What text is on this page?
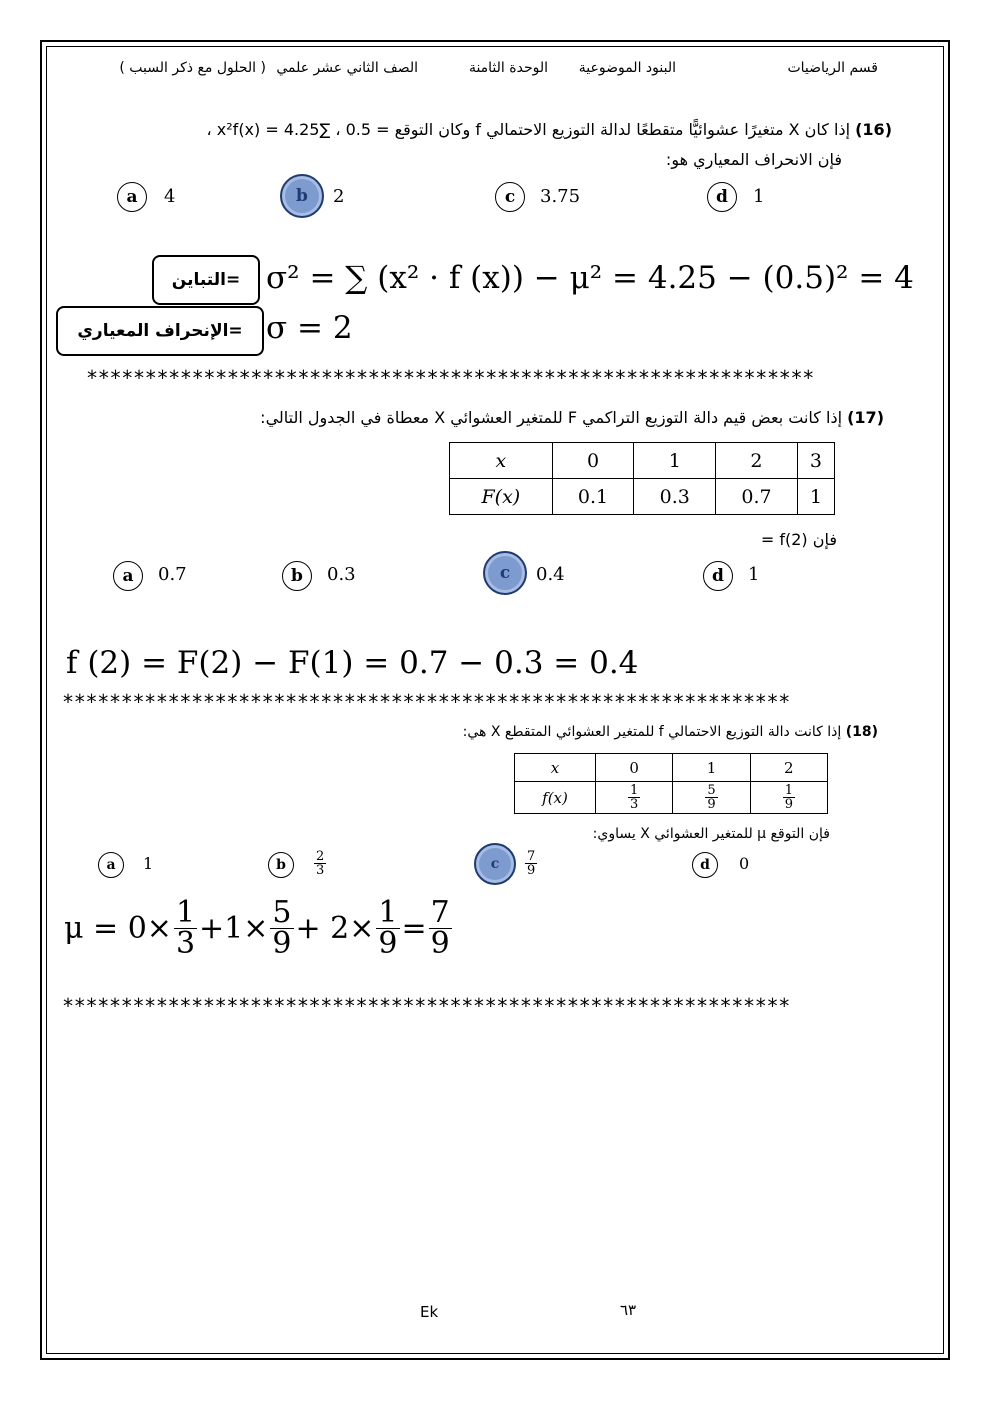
قسم الرياضيات
البنود الموضوعية
الوحدة الثامنة
الصف الثاني عشر علمي
( الحلول مع ذكر السبب )
(16) إذا كان X متغيرًا عشوائيًّا متقطعًا لدالة التوزيع الاحتمالي f وكان التوقع = 0.5 ، ∑x²f(x) = 4.25 ،
فإن الانحراف المعياري هو:
a	4	b	2	c	3.75	d	1
=التباين σ² = ∑ (x² · f (x)) − μ² = 4.25 − (0.5)² = 4
=الإنحراف المعياري σ = 2
**************************************************************
(17) إذا كانت بعض قيم دالة التوزيع التراكمي F للمتغير العشوائي X معطاة في الجدول التالي:
x	0	1	2	3
F(x)	0.1	0.3	0.7	1
فإن f(2) =
a	0.7	b	0.3	c	0.4	d	1
f (2) = F(2) − F(1) = 0.7 − 0.3 = 0.4
**************************************************************
(18) إذا كانت دالة التوزيع الاحتمالي f للمتغير العشوائي المتقطع X هي:
x	0	1	2
f(x)	$\frac{1}{3}$	$\frac{5}{9}$	$\frac{1}{9}$
فإن التوقع μ للمتغير العشوائي X يساوي:
a	1	b	$\frac{2}{3}$	c	$\frac{7}{9}$	d	0
$\mu = 0\times \frac{1}{3} +1\times \frac{5}{9} + 2\times \frac{1}{9} = \frac{7}{9}$
**************************************************************
Ek	٦٣
